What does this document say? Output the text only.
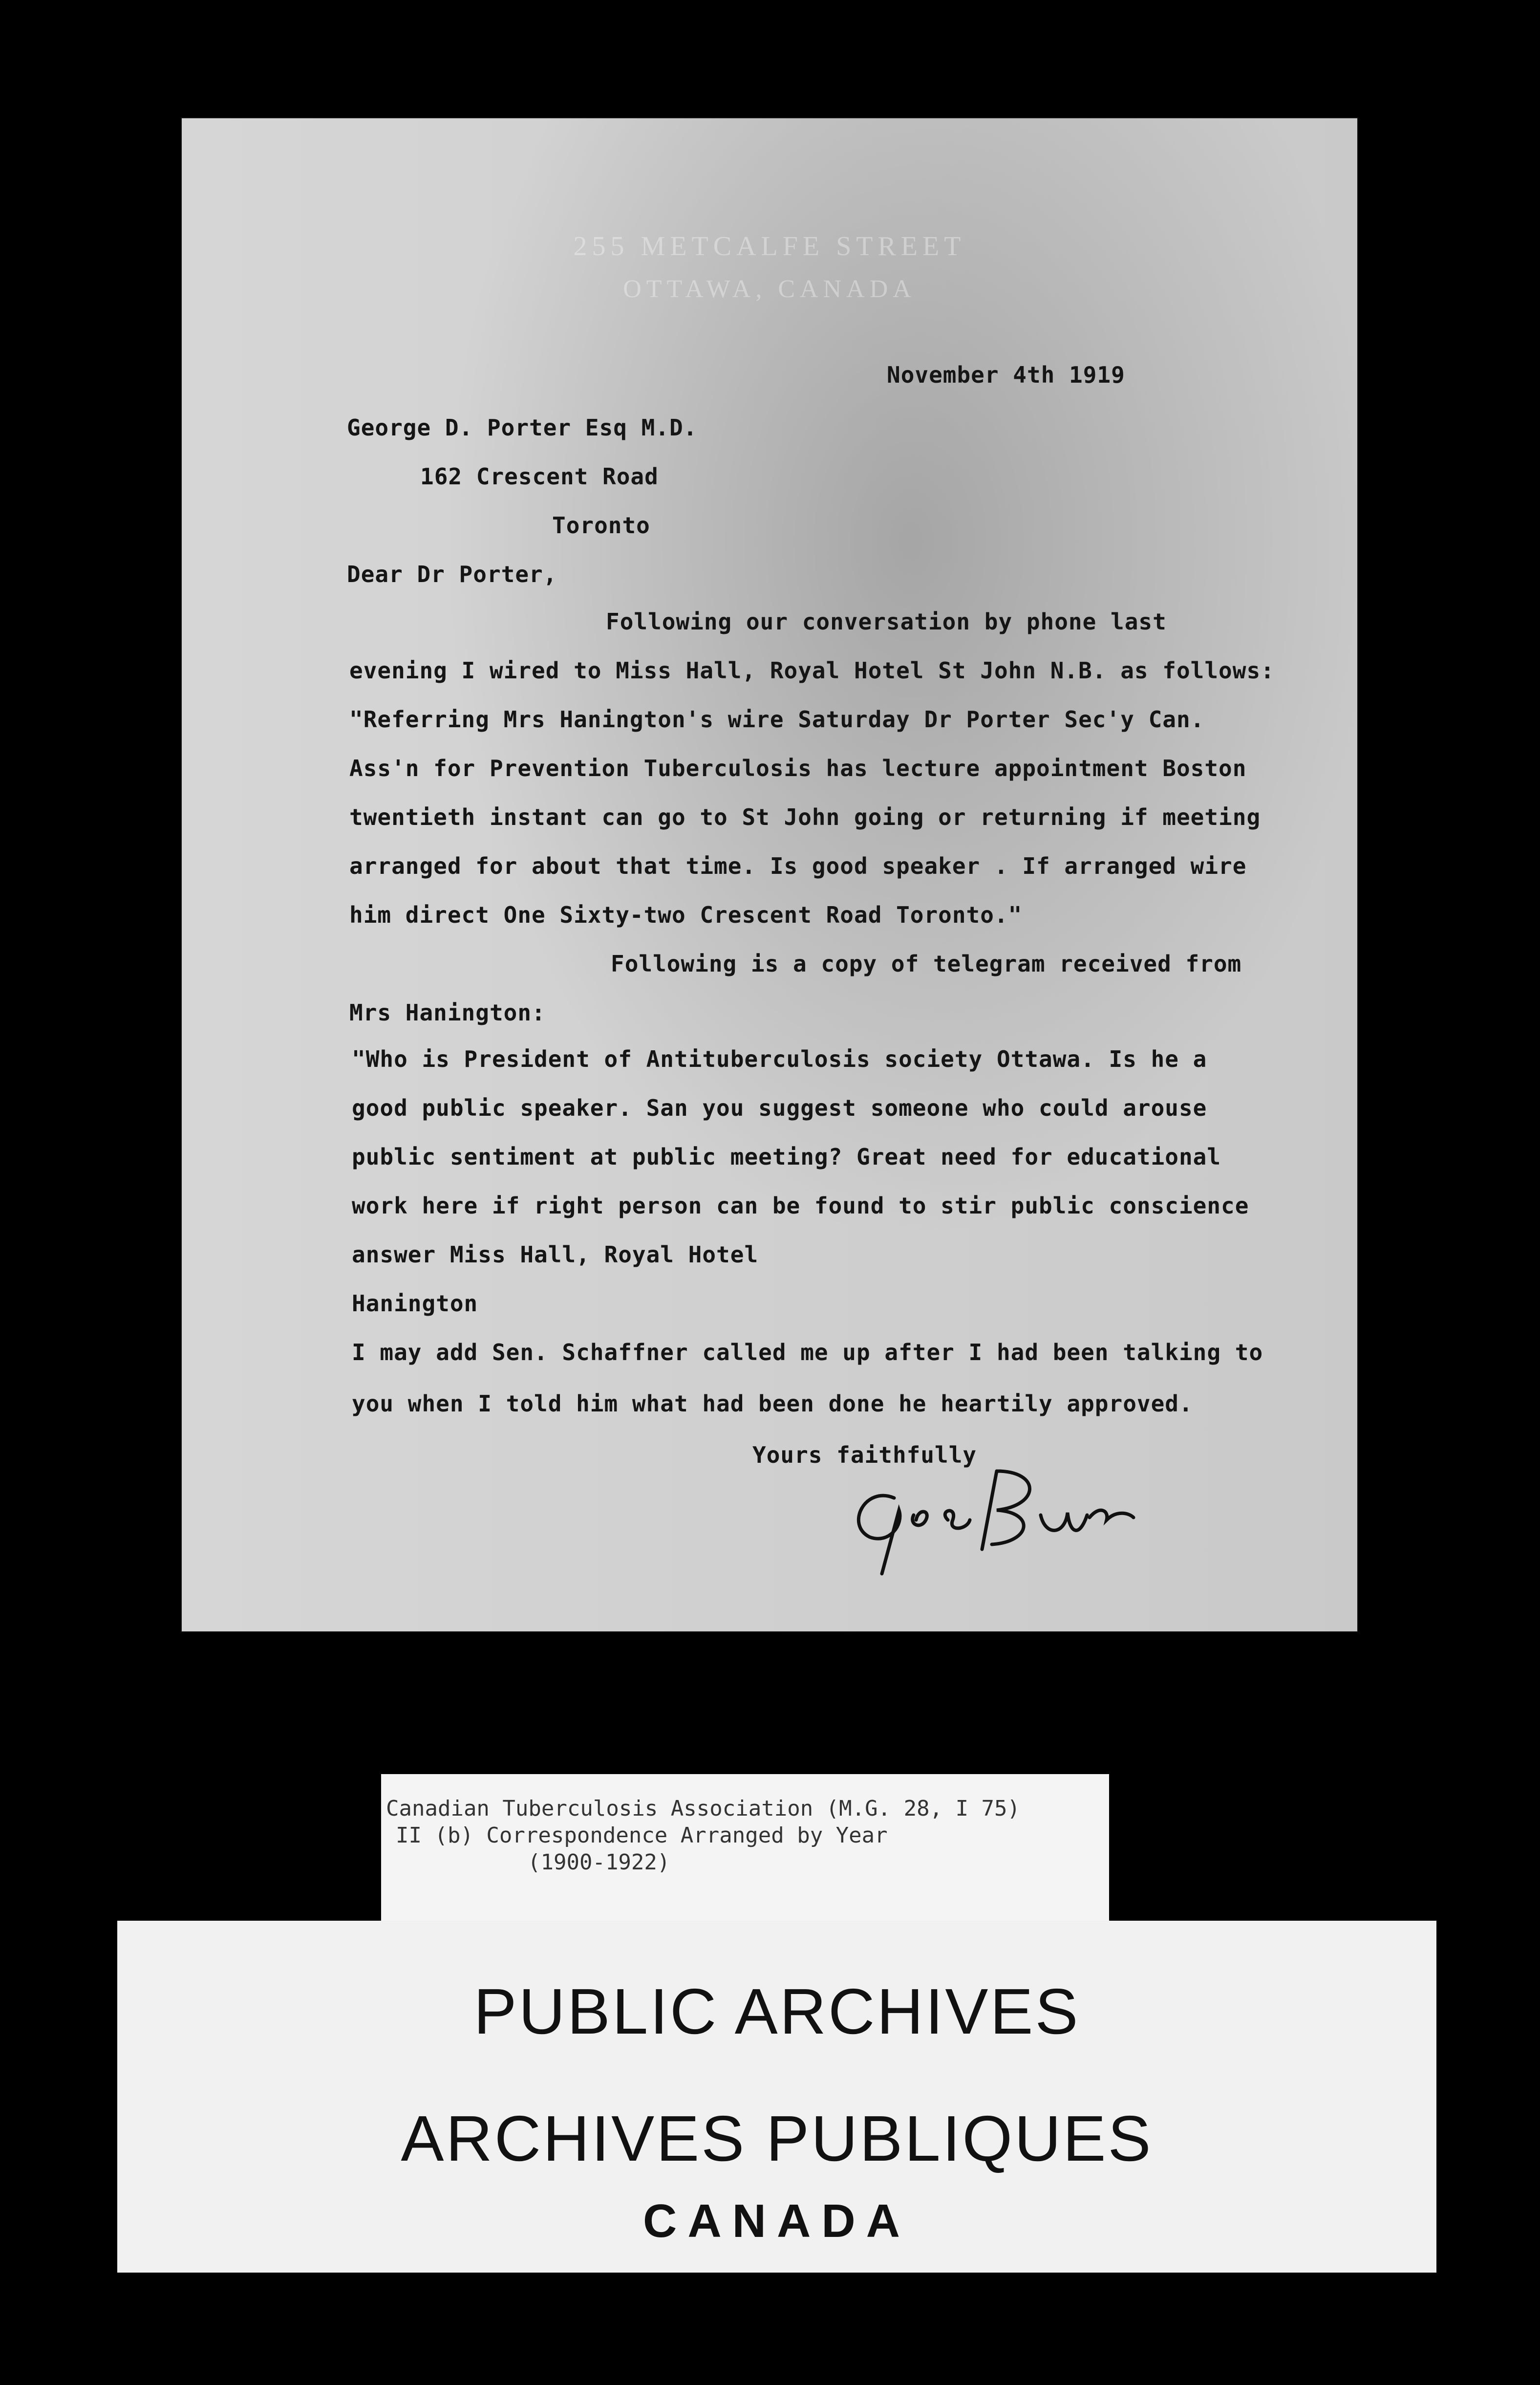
255 METCALFE STREET
OTTAWA, CANADA

November 4th 1919

George D. Porter Esq M.D.

162 Crescent Road

Toronto

Dear Dr Porter,

Following our conversation by phone last

evening I wired to Miss Hall, Royal Hotel St John N.B. as follows:

"Referring Mrs Hanington's wire Saturday Dr Porter Sec'y Can.

Ass'n for Prevention Tuberculosis has lecture appointment Boston

twentieth instant can go to St John going or returning if meeting

arranged for about that time. Is good speaker . If arranged wire

him direct One Sixty-two Crescent Road Toronto."

Following is a copy of telegram received from

Mrs Hanington:

"Who is President of Antituberculosis society Ottawa. Is he a

good public speaker. San you suggest someone who could arouse

public sentiment at public meeting? Great need for educational

work here if right person can be found to stir public conscience

answer Miss Hall, Royal Hotel

Hanington

I may add Sen. Schaffner called me up after I had been talking to

you when I told him what had been done he heartily approved.

Yours faithfully

Canadian Tuberculosis Association (M.G. 28, I 75)

II (b) Correspondence Arranged by Year

(1900-1922)

PUBLIC ARCHIVES
ARCHIVES PUBLIQUES
CANADA
